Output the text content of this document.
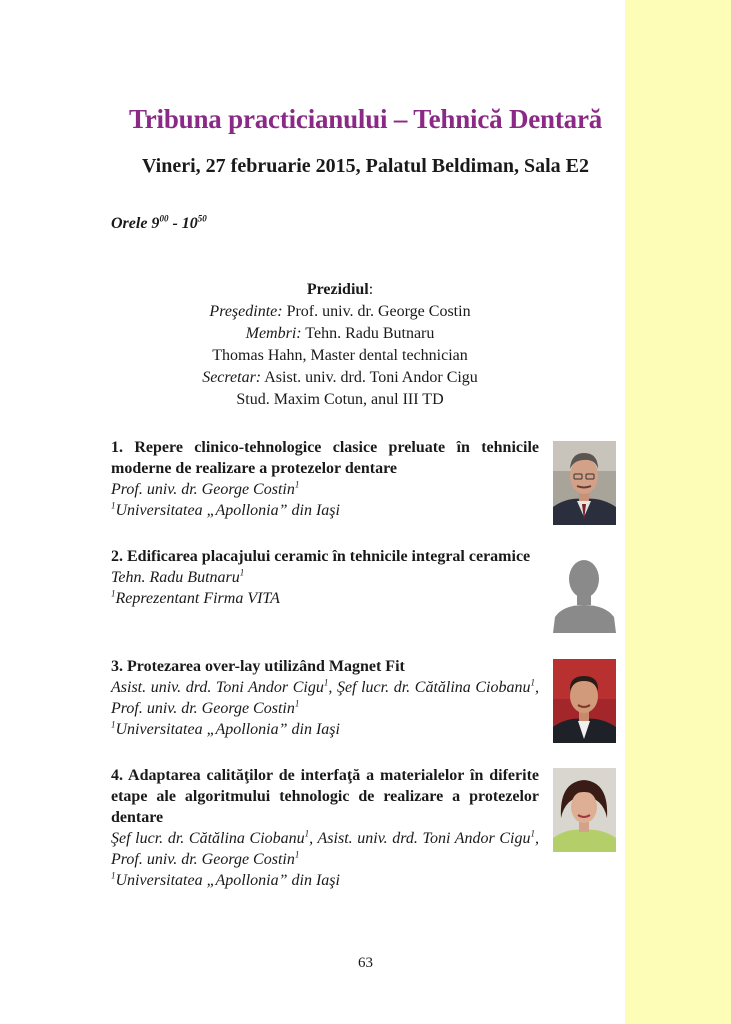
Tribuna practicianului – Tehnică Dentară
Vineri, 27 februarie 2015, Palatul Beldiman, Sala E2
Orele $9^{00} - 10^{50}$
Prezidiul:
Preşedinte: Prof. univ. dr. George Costin
Membri: Tehn. Radu Butnaru
Thomas Hahn, Master dental technician
Secretar: Asist. univ. drd. Toni Andor Cigu
Stud. Maxim Cotun, anul III TD
1. Repere clinico-tehnologice clasice preluate în tehnicile moderne de realizare a protezelor dentare
Prof. univ. dr. George Costin$^1$
$^1$Universitatea „Apollonia” din Iaşi
2. Edificarea placajului ceramic în tehnicile integral ceramice
Tehn. Radu Butnaru$^1$
$^1$Reprezentant Firma VITA
3. Protezarea over-lay utilizând Magnet Fit
Asist. univ. drd. Toni Andor Cigu$^1$, Şef lucr. dr. Cătălina Ciobanu$^1$, Prof. univ. dr. George Costin$^1$
$^1$Universitatea „Apollonia” din Iaşi
4. Adaptarea calităţilor de interfaţă a materialelor în diferite etape ale algoritmului tehnologic de realizare a protezelor dentare
Şef lucr. dr. Cătălina Ciobanu$^1$, Asist. univ. drd. Toni Andor Cigu$^1$, Prof. univ. dr. George Costin$^1$
$^1$Universitatea „Apollonia” din Iaşi
63
